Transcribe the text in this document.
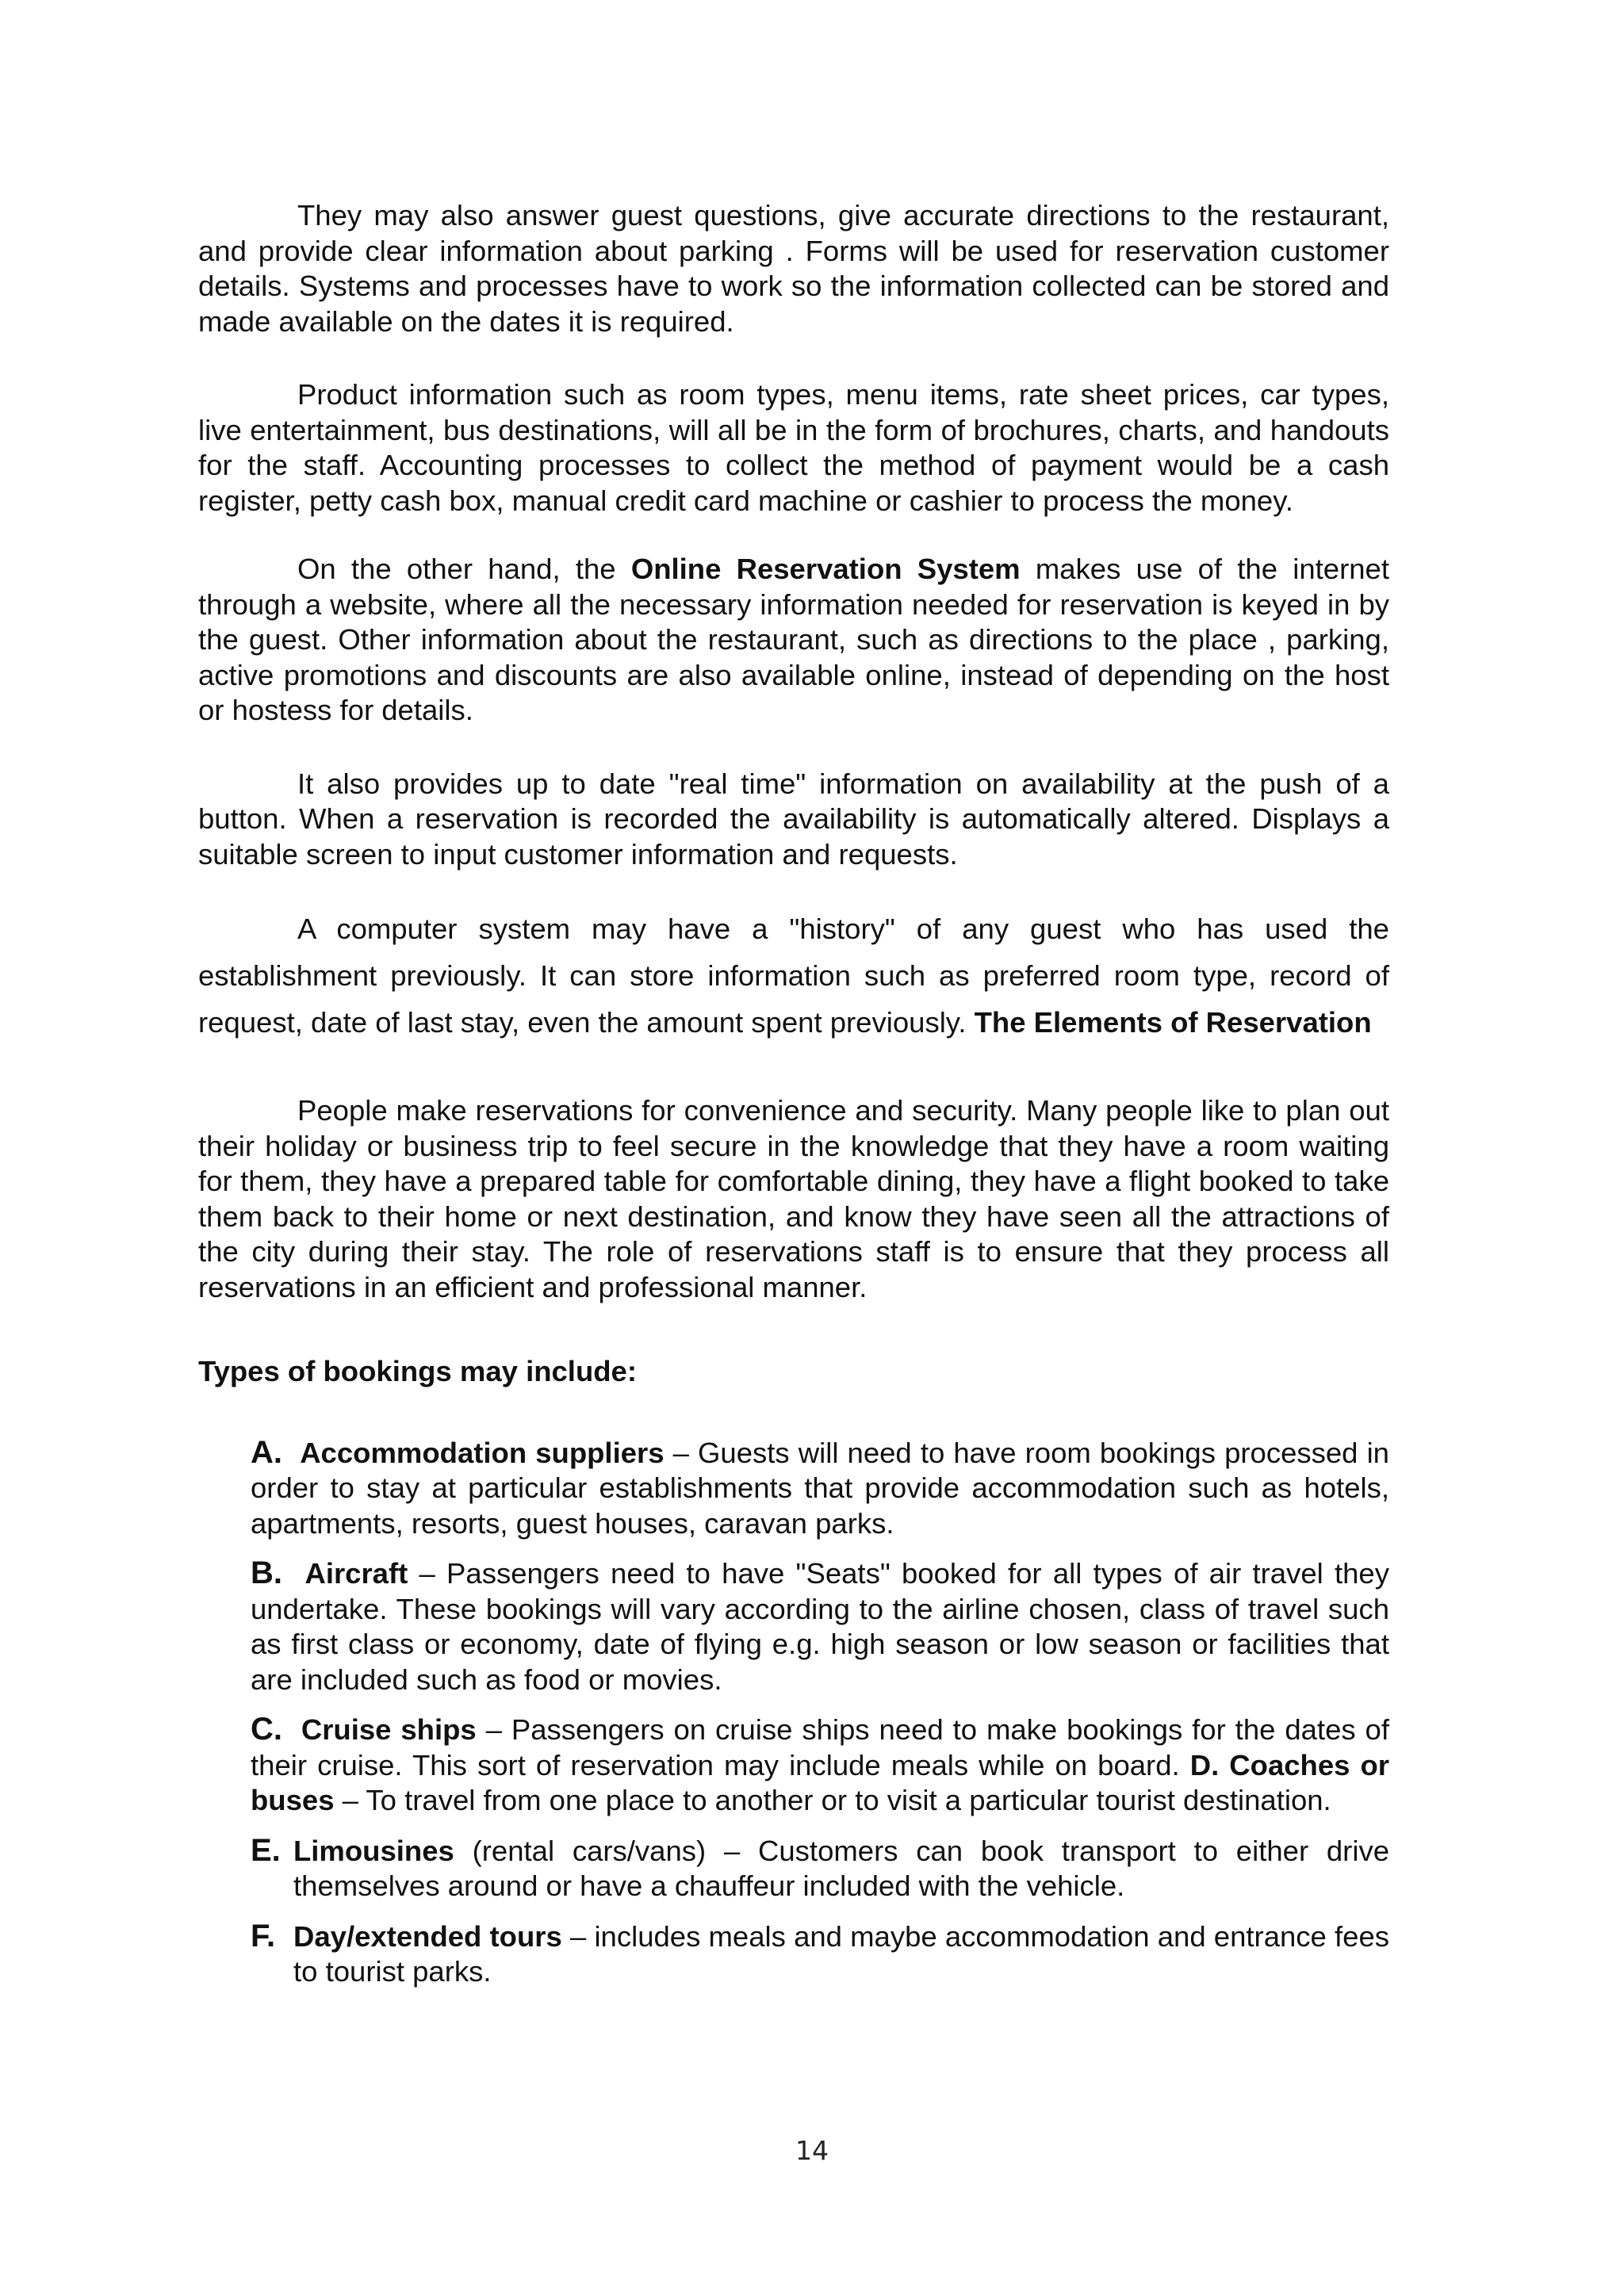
They may also answer guest questions, give accurate directions to the restaurant, and provide clear information about parking . Forms will be used for reservation customer details. Systems and processes have to work so the information collected can be stored and made available on the dates it is required.

Product information such as room types, menu items, rate sheet prices, car types, live entertainment, bus destinations, will all be in the form of brochures, charts, and handouts for the staff. Accounting processes to collect the method of payment would be a cash register, petty cash box, manual credit card machine or cashier to process the money.

On the other hand, the Online Reservation System makes use of the internet through a website, where all the necessary information needed for reservation is keyed in by the guest. Other information about the restaurant, such as directions to the place , parking, active promotions and discounts are also available online, instead of depending on the host or hostess for details.

It also provides up to date "real time" information on availability at the push of a button. When a reservation is recorded the availability is automatically altered. Displays a suitable screen to input customer information and requests.

A computer system may have a "history" of any guest who has used the establishment previously. It can store information such as preferred room type, record of request, date of last stay, even the amount spent previously. The Elements of Reservation

People make reservations for convenience and security. Many people like to plan out their holiday or business trip to feel secure in the knowledge that they have a room waiting for them, they have a prepared table for comfortable dining, they have a flight booked to take them back to their home or next destination, and know they have seen all the attractions of the city during their stay. The role of reservations staff is to ensure that they process all reservations in an efficient and professional manner.

Types of bookings may include:
A. Accommodation suppliers – Guests will need to have room bookings processed in order to stay at particular establishments that provide accommodation such as hotels, apartments, resorts, guest houses, caravan parks.
B. Aircraft – Passengers need to have "Seats" booked for all types of air travel they undertake. These bookings will vary according to the airline chosen, class of travel such as first class or economy, date of flying e.g. high season or low season or facilities that are included such as food or movies.
C. Cruise ships – Passengers on cruise ships need to make bookings for the dates of their cruise. This sort of reservation may include meals while on board. D. Coaches or buses – To travel from one place to another or to visit a particular tourist destination.
E. Limousines (rental cars/vans) – Customers can book transport to either drive themselves around or have a chauffeur included with the vehicle.
F. Day/extended tours – includes meals and maybe accommodation and entrance fees to tourist parks.
14
